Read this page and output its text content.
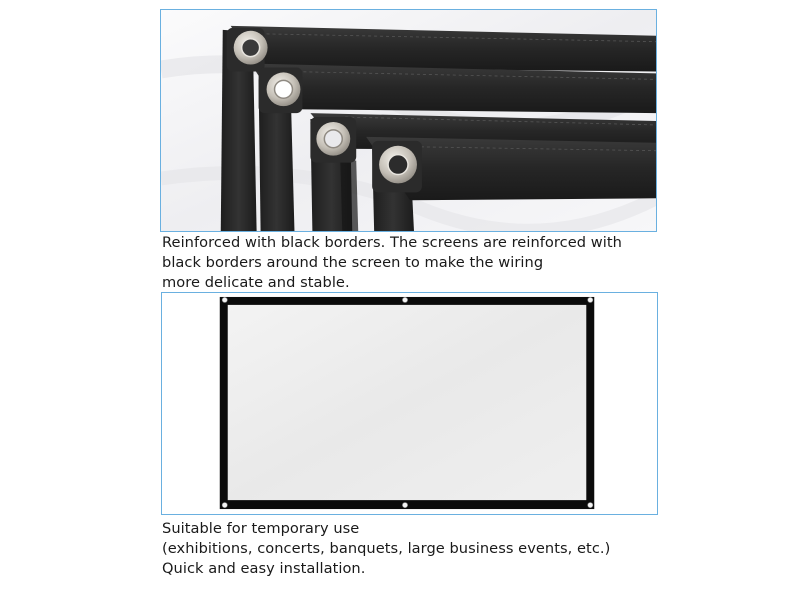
Reinforced with black borders. The screens are reinforced with
black borders around the screen to make the wiring
more delicate and stable.

Suitable for temporary use
(exhibitions, concerts, banquets, large business events, etc.)
Quick and easy installation.
